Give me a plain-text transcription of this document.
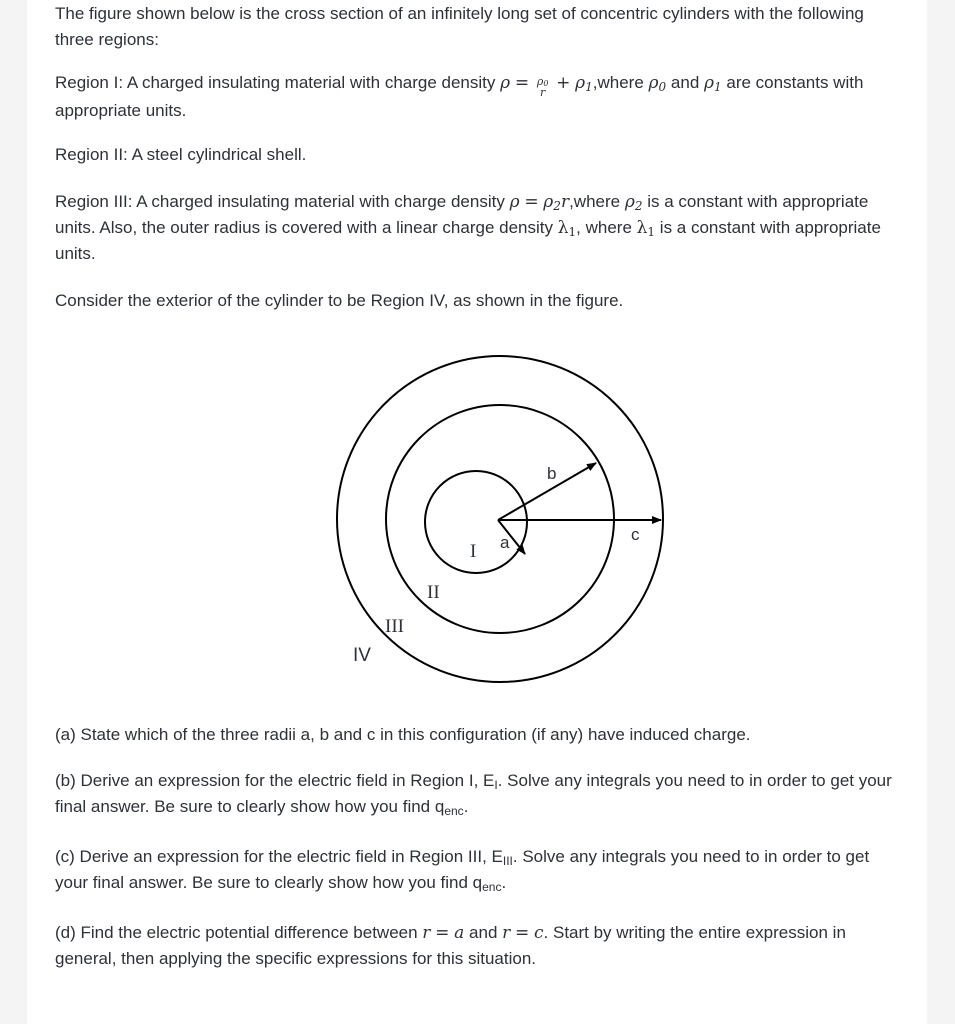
The figure shown below is the cross section of an infinitely long set of concentric cylinders with the following three regions:

Region I: A charged insulating material with charge density $\rho = \rho_0$
$r + \rho_1,where$ $\rho_0$ and $\rho_1$ are constants with appropriate units.

Region II: A steel cylindrical shell.

Region III: A charged insulating material with charge density $\rho = \rho_2r,where$ $\rho_2$ is a constant with appropriate units. Also, the outer radius is covered with a linear charge density $\lambda_1$, where $\lambda_1$ is a constant with appropriate units.

Consider the exterior of the cylinder to be Region IV, as shown in the figure.

a
b
c
I
II
III
IV

(a) State which of the three radii a, b and c in this configuration (if any) have induced charge.

(b) Derive an expression for the electric field in Region I, $E_I$. Solve any integrals you need to in order to get your final answer. Be sure to clearly show how you find $q_{enc}$.

(c) Derive an expression for the electric field in Region III, $E_{III}$. Solve any integrals you need to in order to get your final answer. Be sure to clearly show how you find $q_{enc}$.

(d) Find the electric potential difference between r = a and r = c. Start by writing the entire expression in general, then applying the specific expressions for this situation.
